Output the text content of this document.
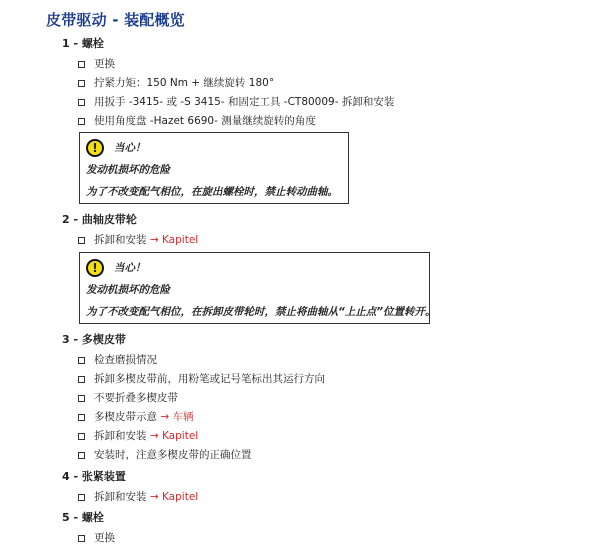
皮带驱动 - 装配概览
1 - 螺栓
更换
拧紧力矩：150 Nm + 继续旋转 180°
用扳手 -3415- 或 -S 3415- 和固定工具 -CT80009- 拆卸和安装
使用角度盘 -Hazet 6690- 测量继续旋转的角度
! 当心！
发动机损坏的危险
为了不改变配气相位，在旋出螺栓时，禁止转动曲轴。
2 - 曲轴皮带轮
拆卸和安装 → Kapitel
! 当心！
发动机损坏的危险
为了不改变配气相位，在拆卸皮带轮时，禁止将曲轴从“上止点”位置转开。
3 - 多楔皮带
检查磨损情况
拆卸多楔皮带前，用粉笔或记号笔标出其运行方向
不要折叠多楔皮带
多楔皮带示意 → 车辆
拆卸和安装 → Kapitel
安装时，注意多楔皮带的正确位置
4 - 张紧装置
拆卸和安装 → Kapitel
5 - 螺栓
更换
